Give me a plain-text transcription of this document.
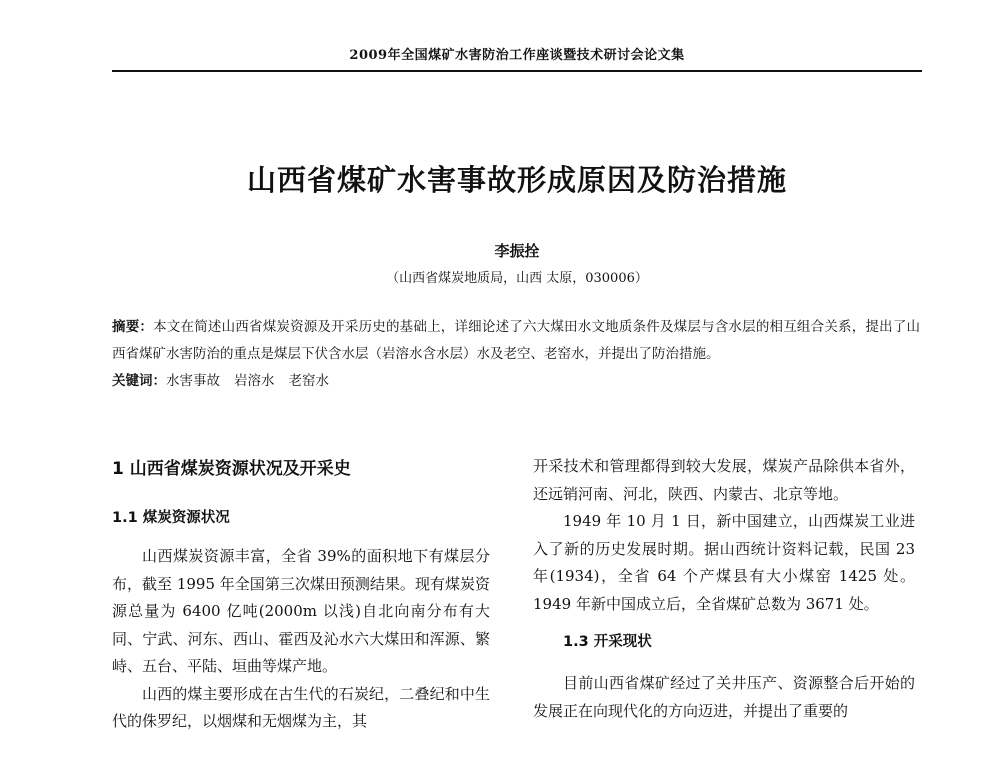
2009年全国煤矿水害防治工作座谈暨技术研讨会论文集
山西省煤矿水害事故形成原因及防治措施
李振拴
（山西省煤炭地质局，山西 太原，030006）
摘要：本文在简述山西省煤炭资源及开采历史的基础上，详细论述了六大煤田水文地质条件及煤层与含水层的相互组合关系，提出了山西省煤矿水害防治的重点是煤层下伏含水层（岩溶水含水层）水及老空、老窑水，并提出了防治措施。
关键词：水害事故 岩溶水 老窑水
1 山西省煤炭资源状况及开采史
1.1 煤炭资源状况

山西煤炭资源丰富，全省 39%的面积地下有煤层分布，截至 1995 年全国第三次煤田预测结果。现有煤炭资源总量为 6400 亿吨(2000m 以浅)自北向南分布有大同、宁武、河东、西山、霍西及沁水六大煤田和浑源、繁峙、五台、平陆、垣曲等煤产地。

山西的煤主要形成在古生代的石炭纪，二叠纪和中生代的侏罗纪，以烟煤和无烟煤为主，其

开采技术和管理都得到较大发展，煤炭产品除供本省外，还远销河南、河北，陕西、内蒙古、北京等地。

1949 年 10 月 1 日，新中国建立，山西煤炭工业进入了新的历史发展时期。据山西统计资料记载，民国 23 年(1934)，全省 64 个产煤县有大小煤窑 1425 处。1949 年新中国成立后，全省煤矿总数为 3671 处。

1.3 开采现状

目前山西省煤矿经过了关井压产、资源整合后开始的发展正在向现代化的方向迈进，并提出了重要的
